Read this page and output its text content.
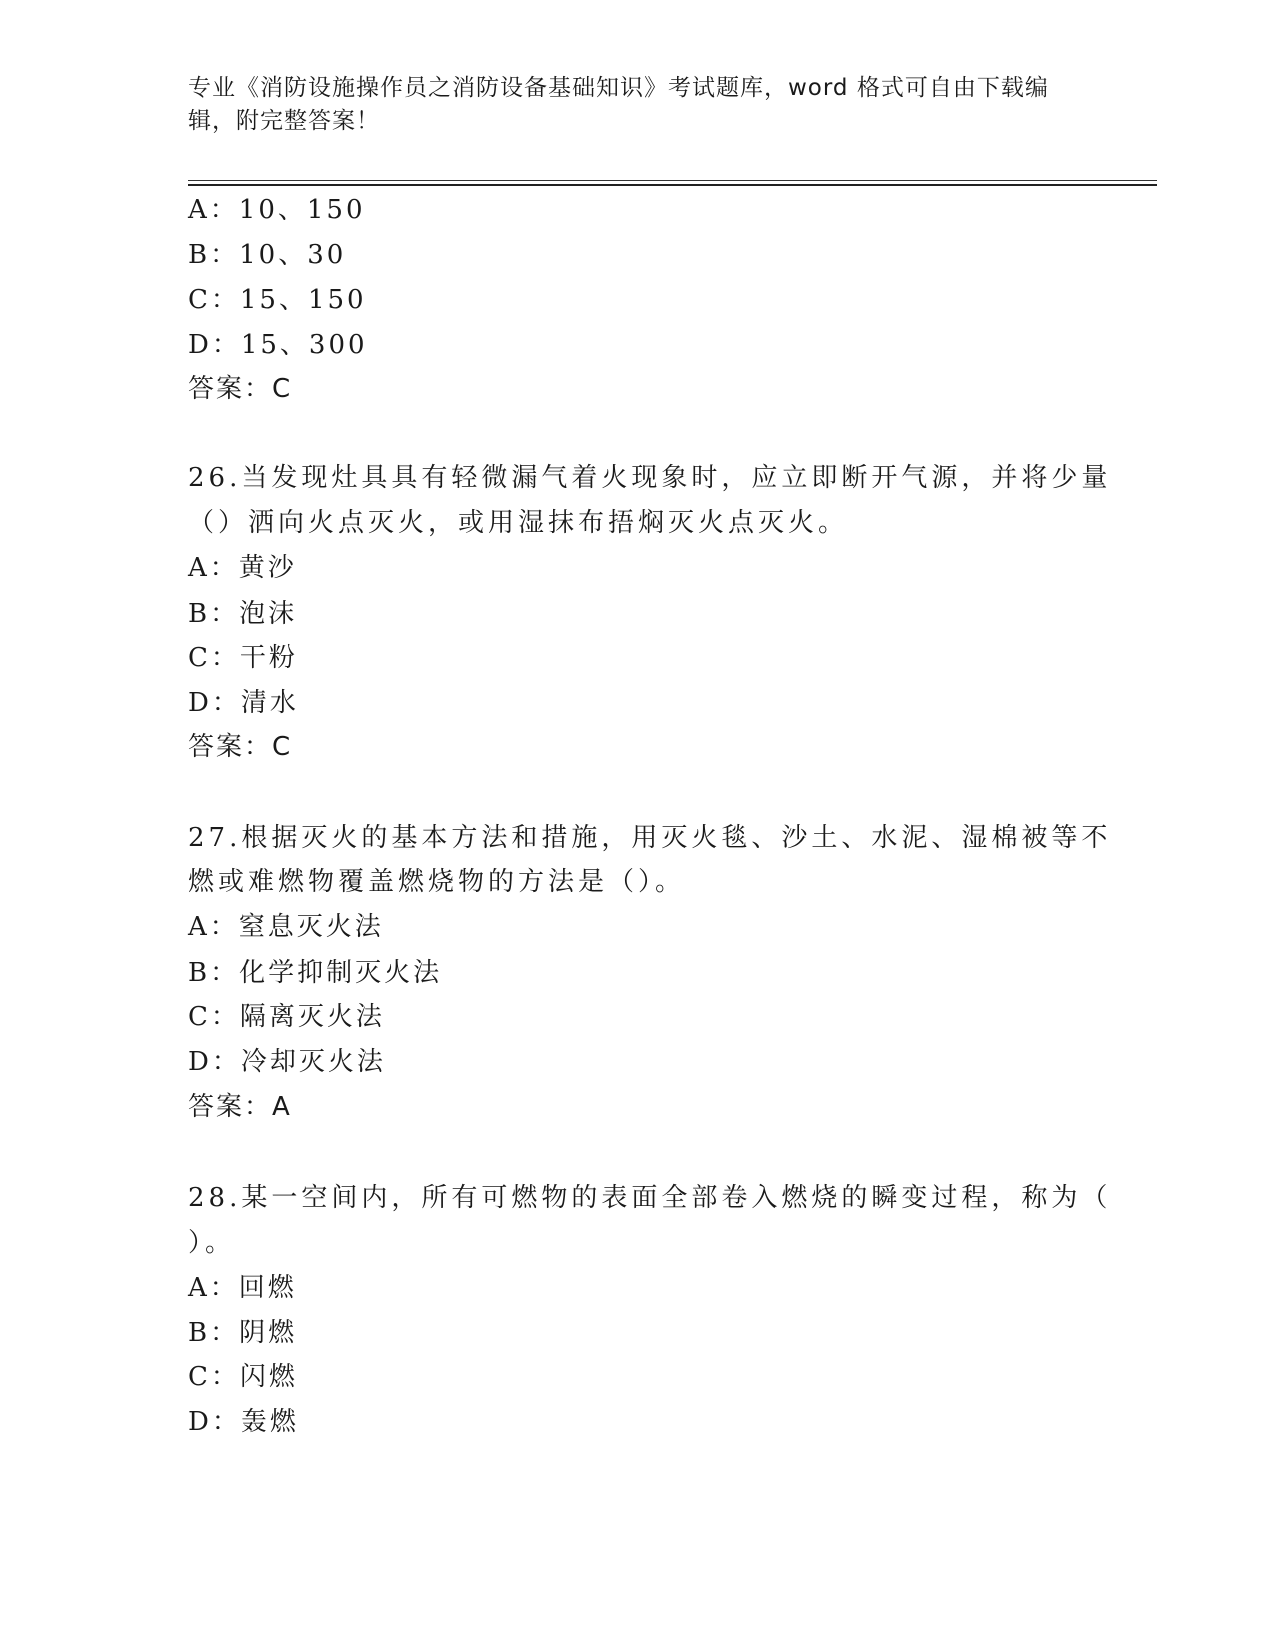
专业《消防设施操作员之消防设备基础知识》考试题库，word 格式可自由下载编
辑，附完整答案！
A：10、150
B：10、30
C：15、150
D：15、300
答案：C
26.当发现灶具具有轻微漏气着火现象时，应立即断开气源，并将少量
（）洒向火点灭火，或用湿抹布捂焖灭火点灭火。
A：黄沙
B：泡沫
C：干粉
D：清水
答案：C
27.根据灭火的基本方法和措施，用灭火毯、沙土、水泥、湿棉被等不
燃或难燃物覆盖燃烧物的方法是（）。
A：窒息灭火法
B：化学抑制灭火法
C：隔离灭火法
D：冷却灭火法
答案：A
28.某一空间内，所有可燃物的表面全部卷入燃烧的瞬变过程，称为（
）。
A：回燃
B：阴燃
C：闪燃
D：轰燃
